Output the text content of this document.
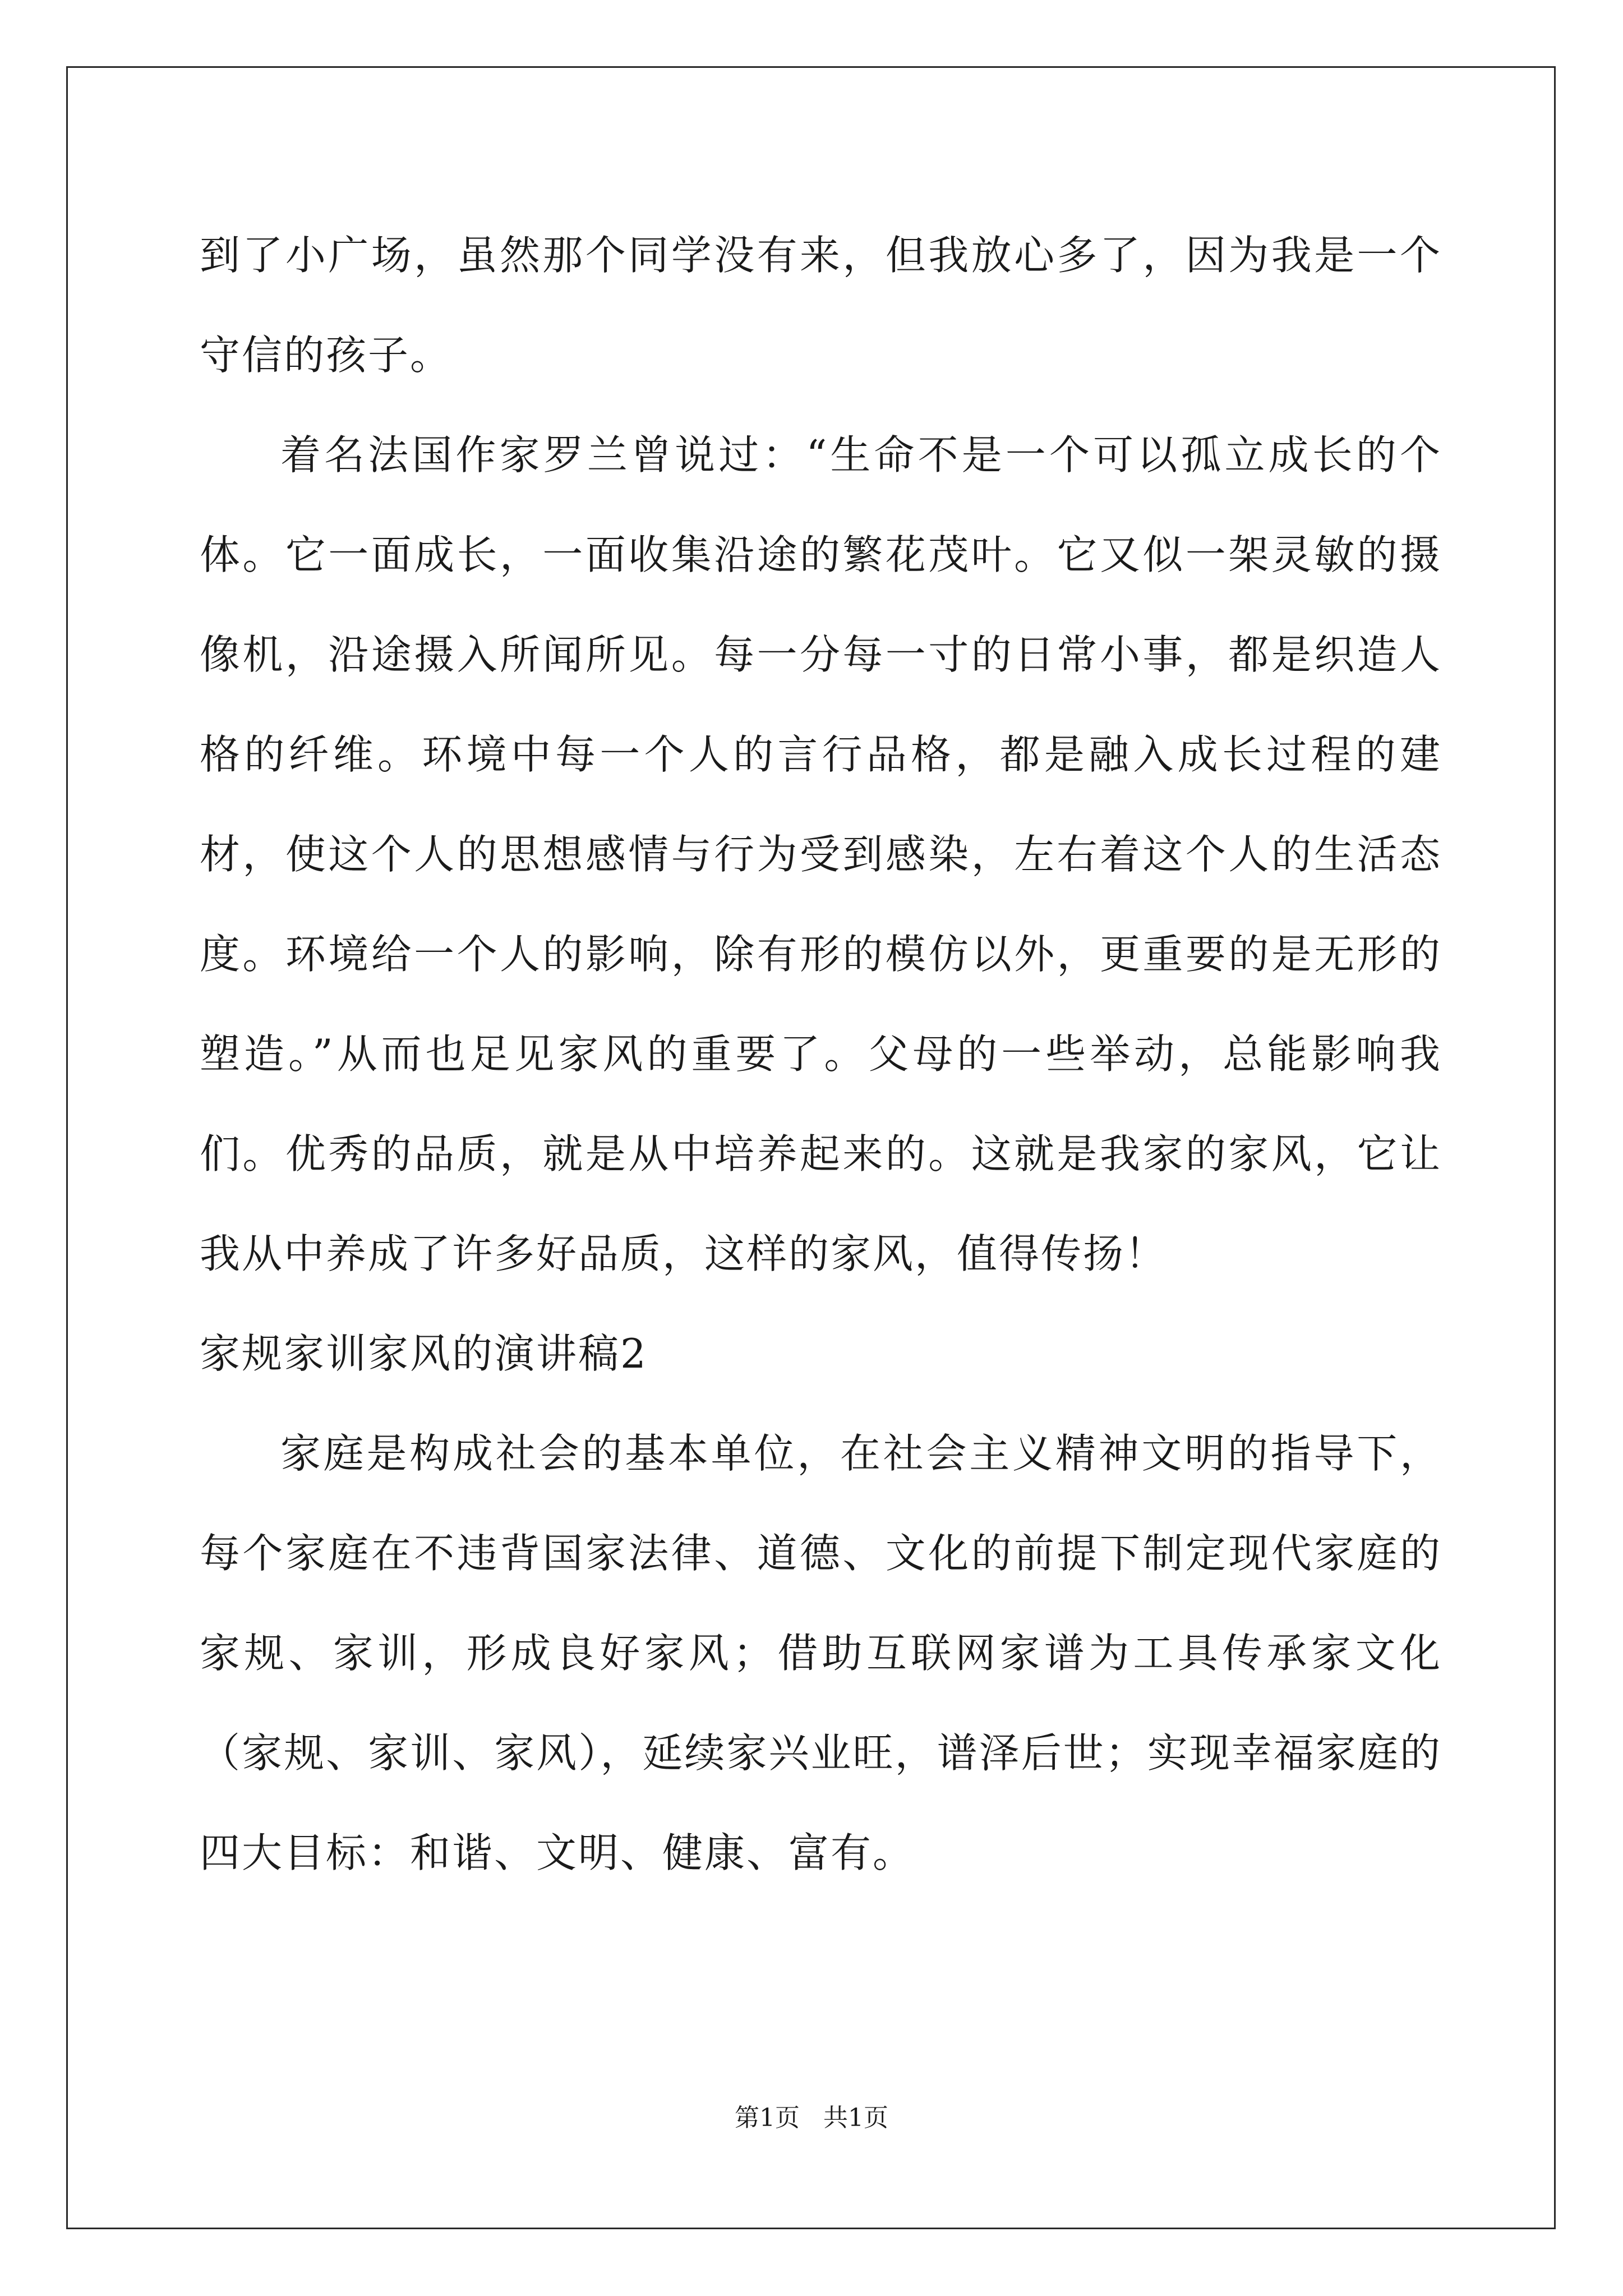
到了小广场，虽然那个同学没有来，但我放心多了，因为我是一个守信的孩子。

着名法国作家罗兰曾说过：“生命不是一个可以孤立成长的个体。它一面成长，一面收集沿途的繁花茂叶。它又似一架灵敏的摄像机，沿途摄入所闻所见。每一分每一寸的日常小事，都是织造人格的纤维。环境中每一个人的言行品格，都是融入成长过程的建材，使这个人的思想感情与行为受到感染，左右着这个人的生活态度。环境给一个人的影响，除有形的模仿以外，更重要的是无形的塑造。”从而也足见家风的重要了。父母的一些举动，总能影响我们。优秀的品质，就是从中培养起来的。这就是我家的家风，它让我从中养成了许多好品质，这样的家风，值得传扬！

家规家训家风的演讲稿2

家庭是构成社会的基本单位，在社会主义精神文明的指导下，每个家庭在不违背国家法律、道德、文化的前提下制定现代家庭的家规、家训，形成良好家风；借助互联网家谱为工具传承家文化（家规、家训、家风），延续家兴业旺，谱泽后世；实现幸福家庭的四大目标：和谐、文明、健康、富有。

第1页   共1页
